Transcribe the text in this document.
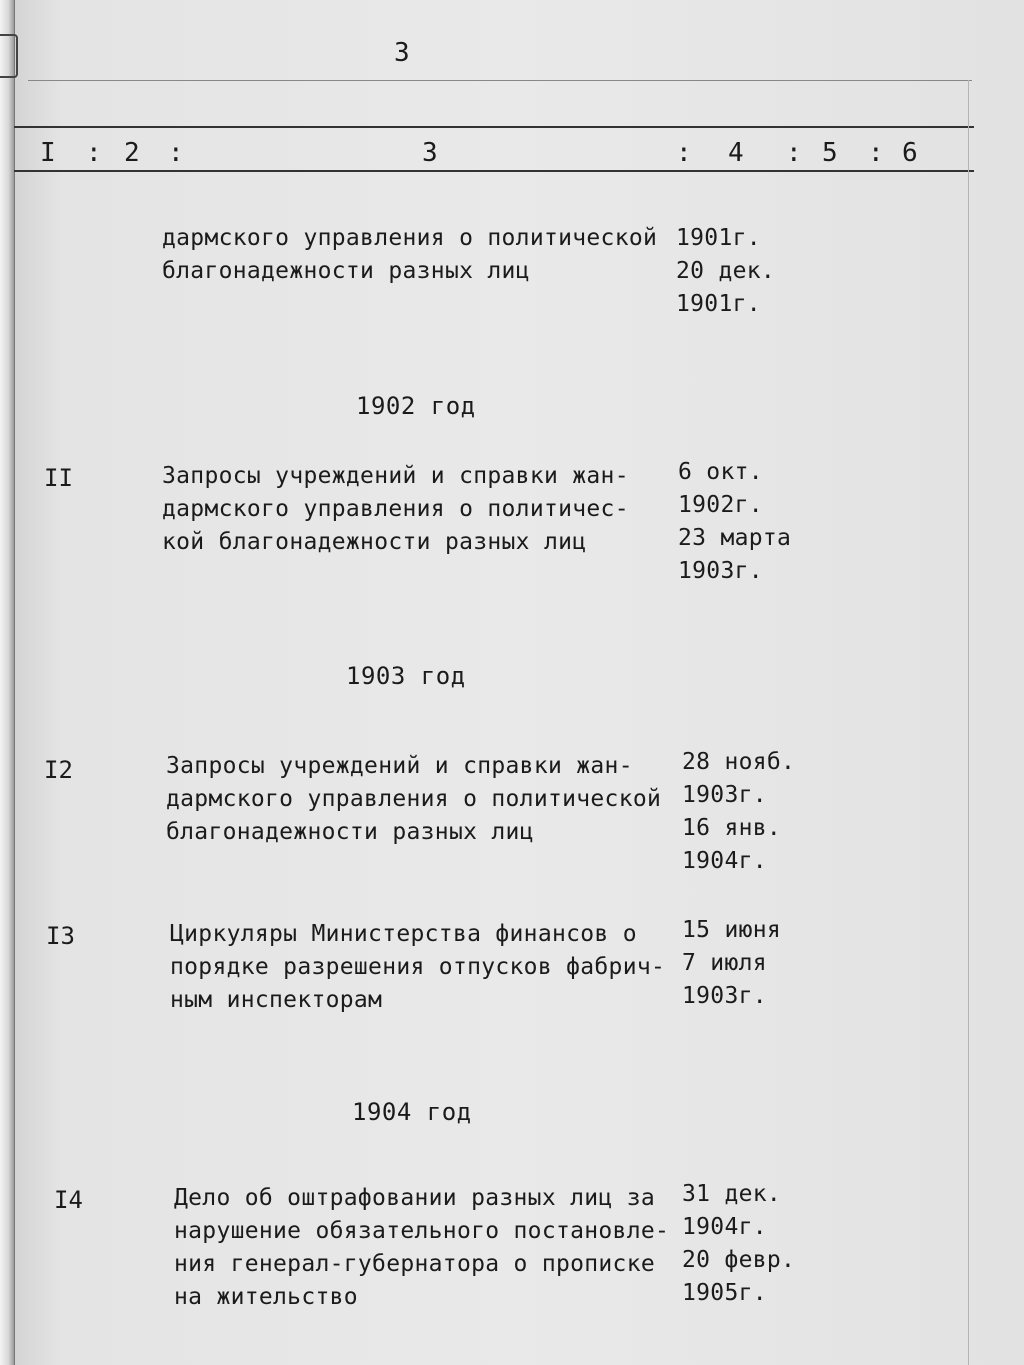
3
I : 2 :	3	: 4 : 5 : 6
дармского управления о политической
благонадежности разных лиц
1901г.
20 дек.
1901г.
1902 год
II	Запросы учреждений и справки жан-
дармского управления о политичес-
кой благонадежности разных лиц
6 окт.
1902г.
23 марта
1903г.
1903 год
I2	Запросы учреждений и справки жан-
дармского управления о политической
благонадежности разных лиц
28 нояб.
1903г.
16 янв.
1904г.
I3	Циркуляры Министерства финансов о
порядке разрешения отпусков фабрич-
ным инспекторам
15 июня
7 июля
1903г.
1904 год
I4	Дело об оштрафовании разных лиц за
нарушение обязательного постановле-
ния генерал-губернатора о прописке
на жительство
31 дек.
1904г.
20 февр.
1905г.
